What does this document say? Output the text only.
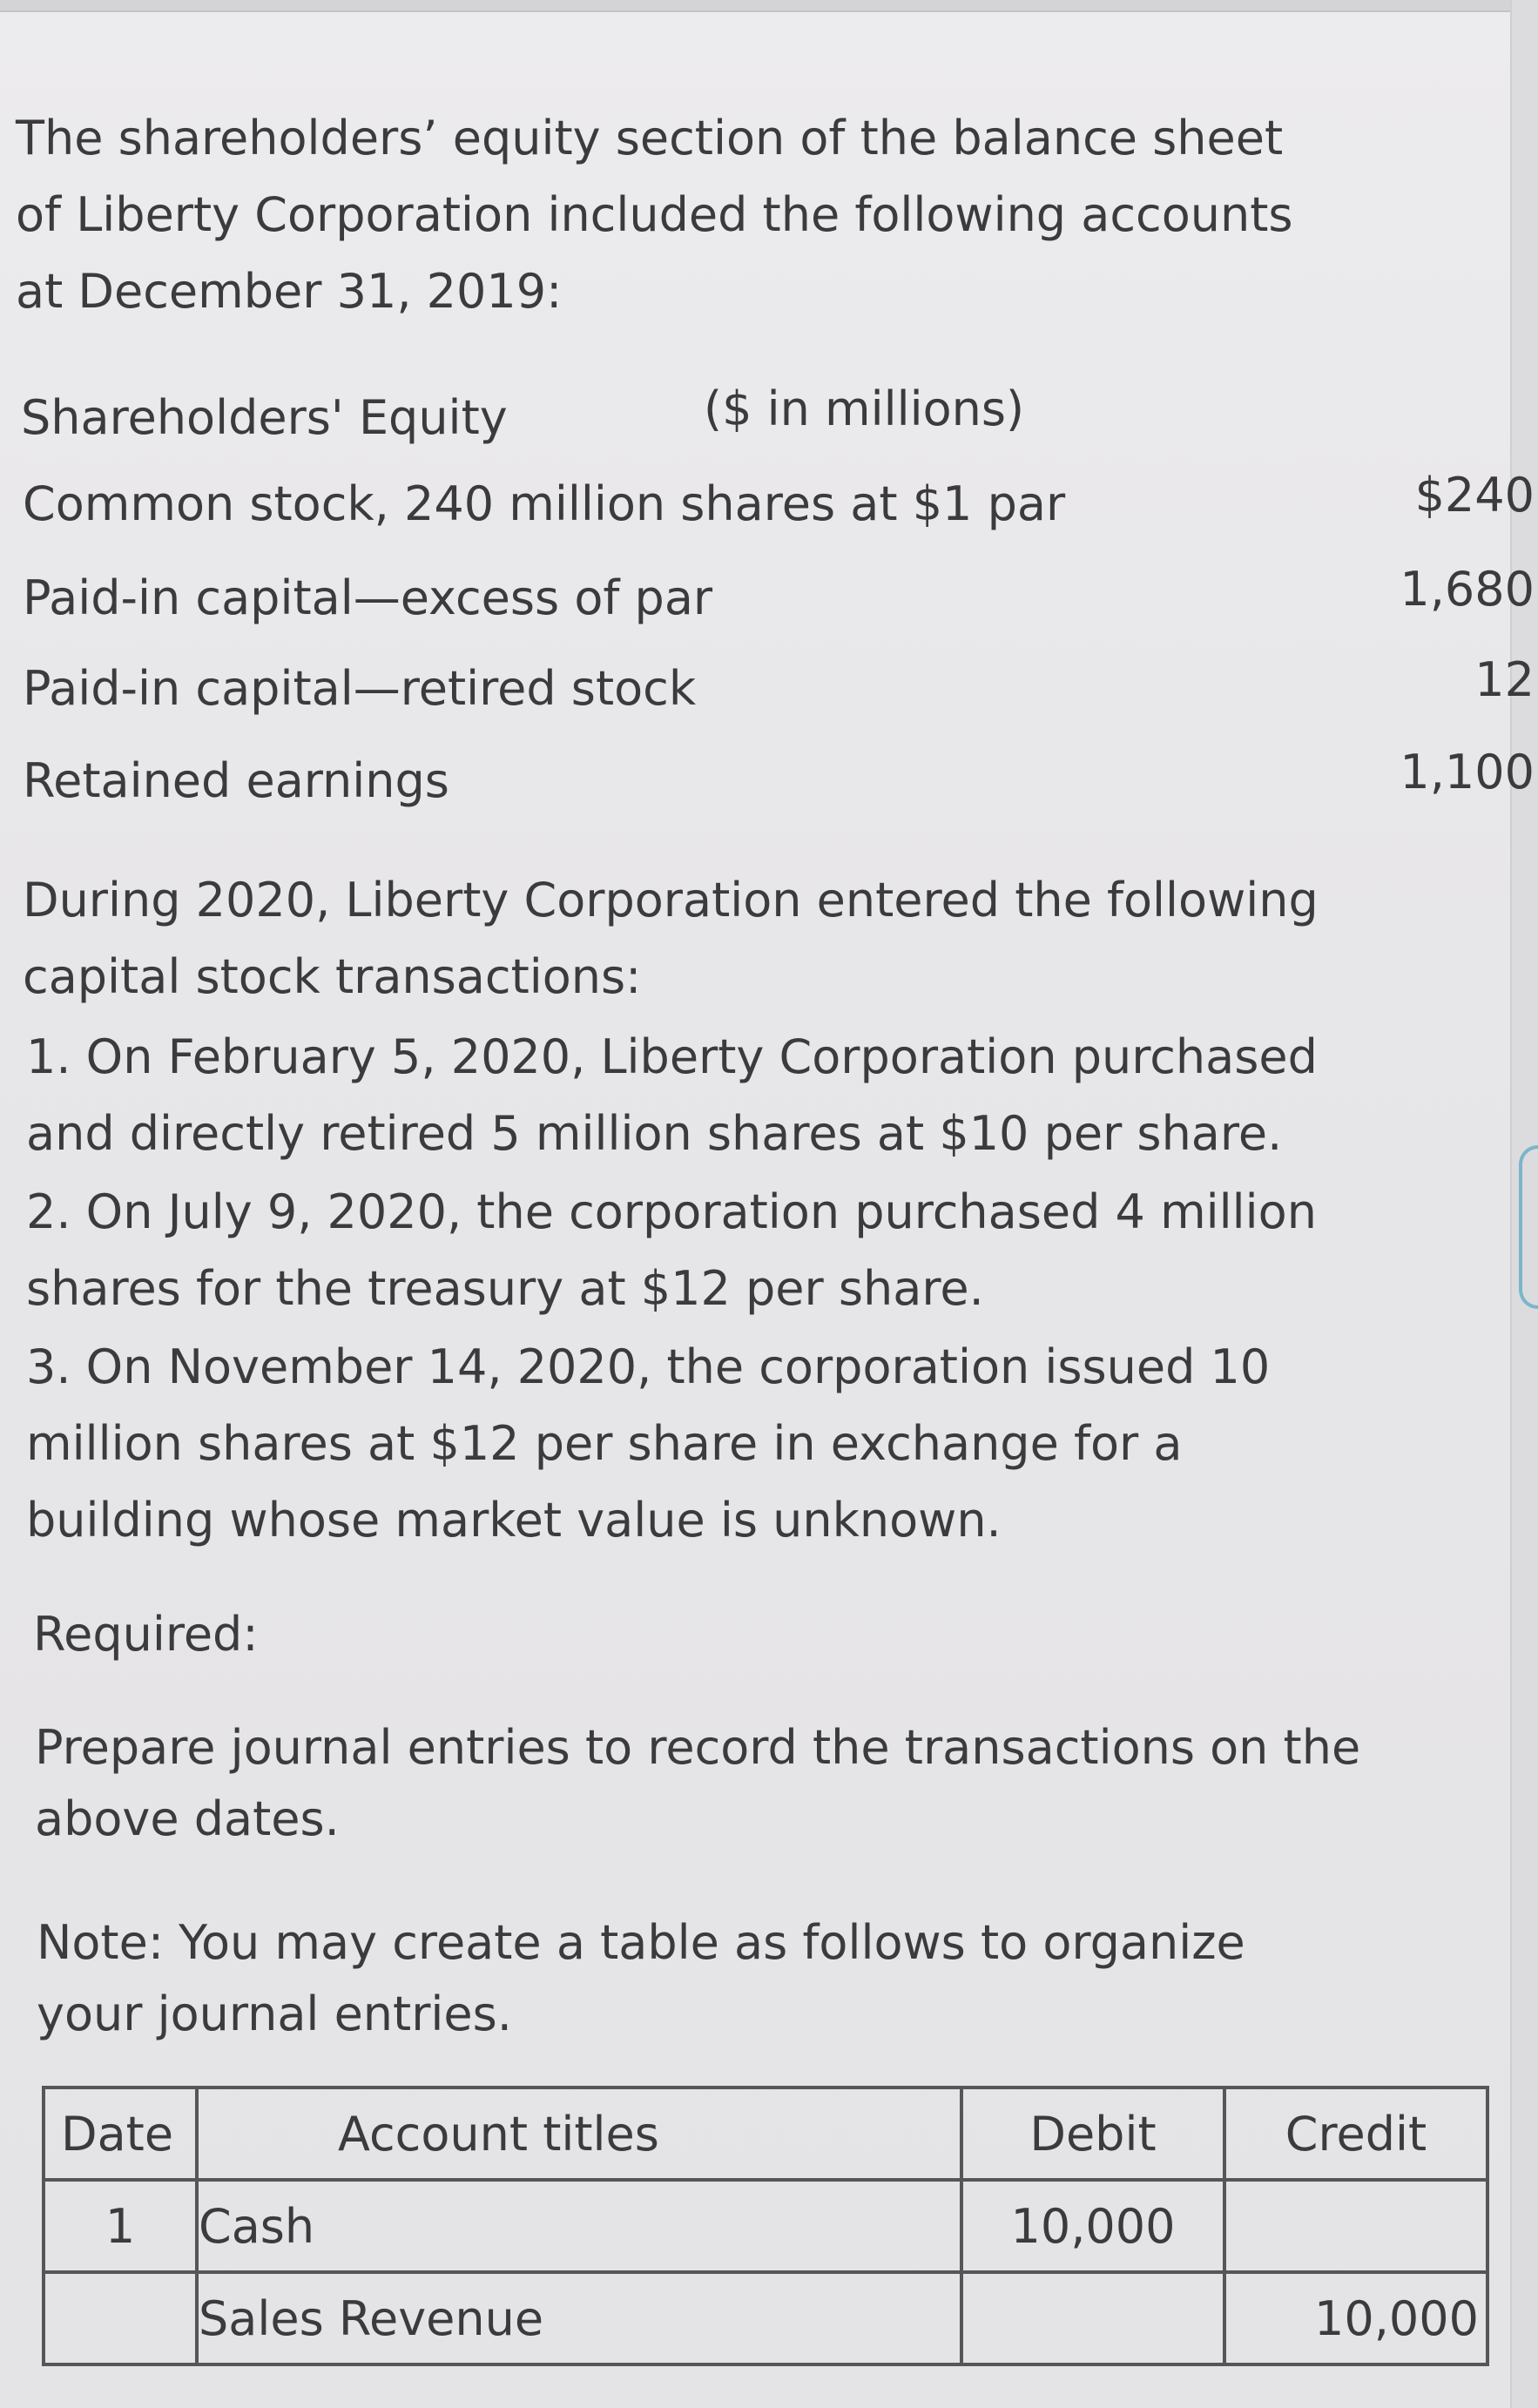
The shareholders’ equity section of the balance sheet of Liberty Corporation included the following accounts at December 31, 2019:

Shareholders' Equity	($ in millions)
Common stock, 240 million shares at $1 par	$240
Paid-in capital—excess of par	1,680
Paid-in capital—retired stock	12
Retained earnings	1,100

During 2020, Liberty Corporation entered the following capital stock transactions:

1. On February 5, 2020, Liberty Corporation purchased and directly retired 5 million shares at $10 per share.

2. On July 9, 2020, the corporation purchased 4 million shares for the treasury at $12 per share.

3. On November 14, 2020, the corporation issued 10 million shares at $12 per share in exchange for a building whose market value is unknown.

Required:

Prepare journal entries to record the transactions on the above dates.

Note: You may create a table as follows to organize your journal entries.

Date	Account titles	Debit	Credit
1	Cash	10,000	
	Sales Revenue		10,000
